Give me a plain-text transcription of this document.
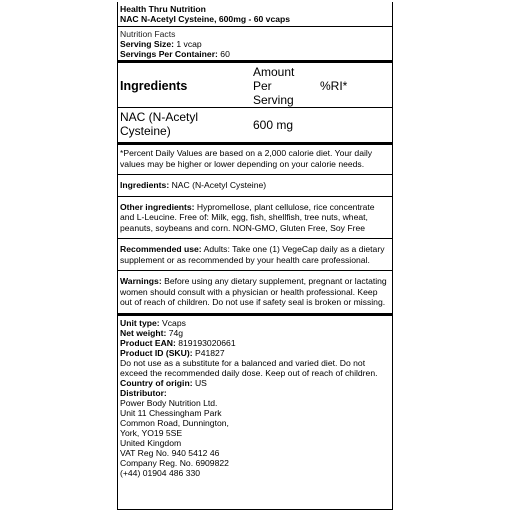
Health Thru Nutrition
NAC N-Acetyl Cysteine, 600mg - 60 vcaps
Nutrition Facts
Serving Size: 1 vcap
Servings Per Container: 60
Ingredients
Amount
Per
Serving
%RI*
NAC (N-Acetyl
Cysteine)	600 mg
*Percent Daily Values are based on a 2,000 calorie diet. Your daily values may be higher or lower depending on your calorie needs.
Ingredients: NAC (N-Acetyl Cysteine)
Other ingredients: Hypromellose, plant cellulose, rice concentrate and L-Leucine. Free of: Milk, egg, fish, shellfish, tree nuts, wheat, peanuts, soybeans and corn. NON-GMO, Gluten Free, Soy Free
Recommended use: Adults: Take one (1) VegeCap daily as a dietary supplement or as recommended by your health care professional.
Warnings: Before using any dietary supplement, pregnant or lactating women should consult with a physician or health professional. Keep out of reach of children. Do not use if safety seal is broken or missing.
Unit type: Vcaps
Net weight: 74g
Product EAN: 819193020661
Product ID (SKU): P41827
Do not use as a substitute for a balanced and varied diet. Do not
exceed the recommended daily dose. Keep out of reach of children.
Country of origin: US
Distributor:
Power Body Nutrition Ltd.
Unit 11 Chessingham Park
Common Road, Dunnington,
York, YO19 5SE
United Kingdom
VAT Reg No. 940 5412 46
Company Reg. No. 6909822
(+44) 01904 486 330
